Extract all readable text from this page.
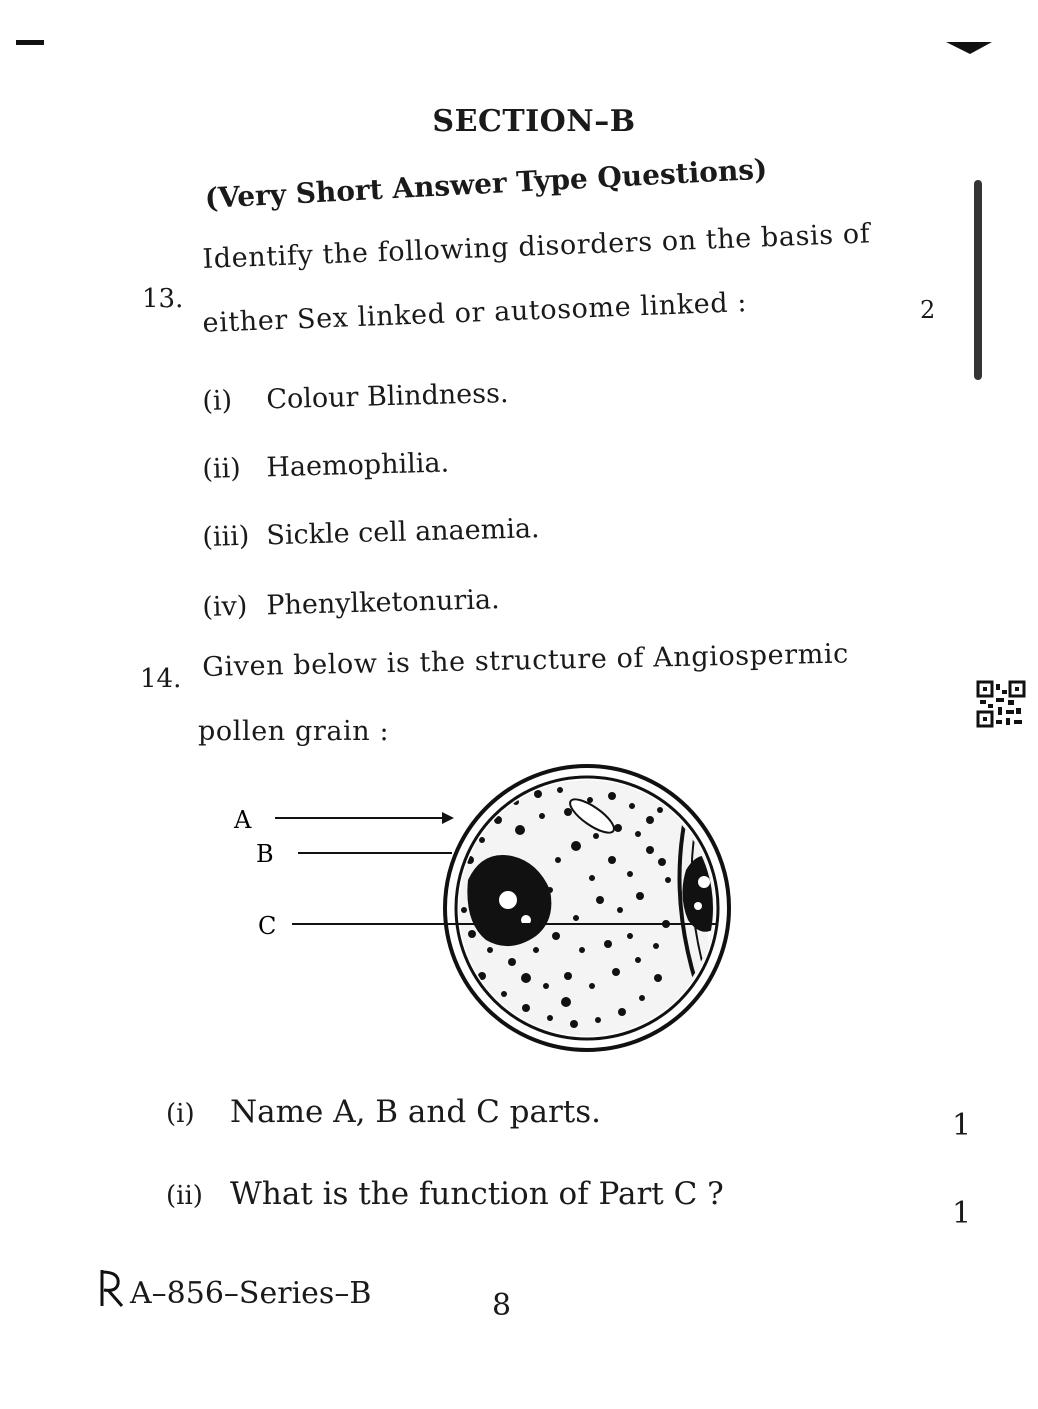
SECTION–B
(Very Short Answer Type Questions)
13.
Identify the following disorders on the basis of
either Sex linked or autosome linked :	2
(i) Colour Blindness.
(ii) Haemophilia.
(iii) Sickle cell anaemia.
(iv) Phenylketonuria.
14. Given below is the structure of Angiospermic
pollen grain :
A
B
C
(i) Name A, B and C parts.	1
(ii) What is the function of Part C ?
1
A–856–Series–B	8
